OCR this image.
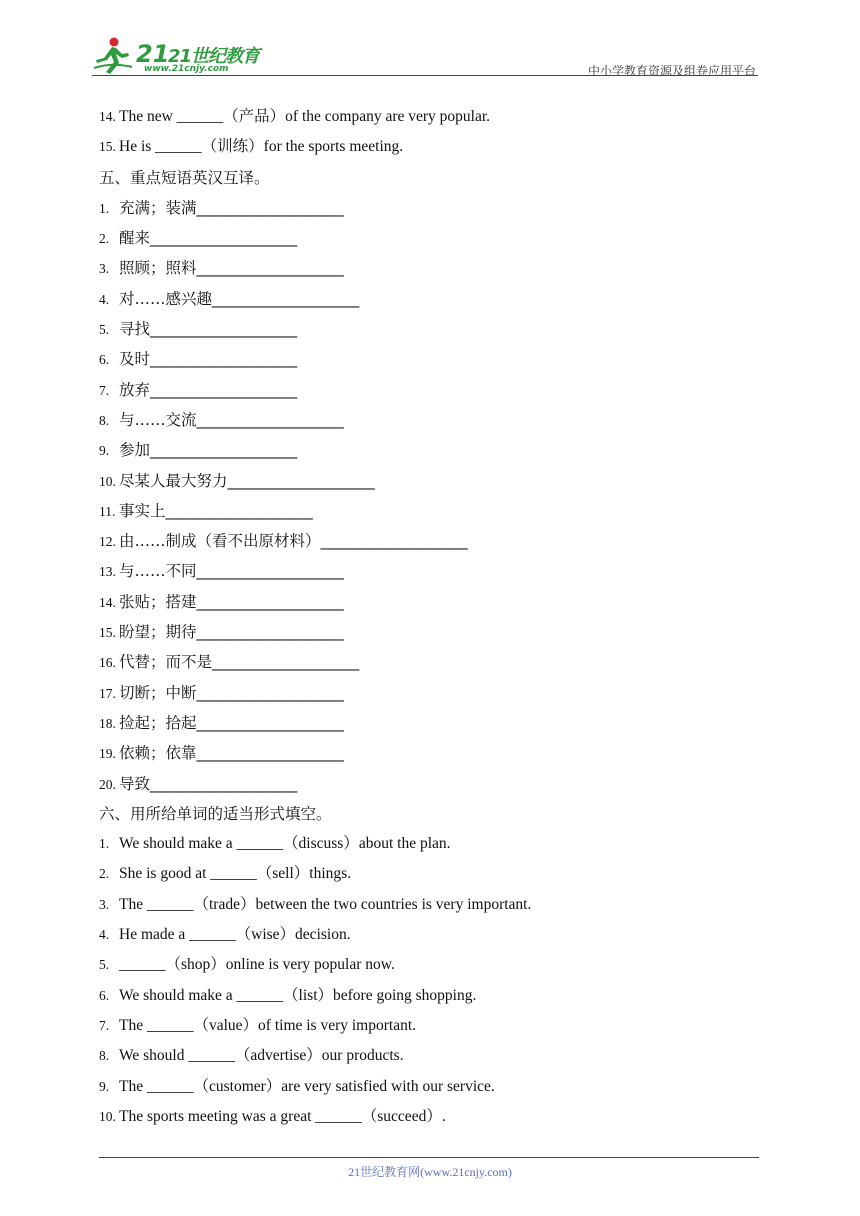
21
21世纪教育
www.21cnjy.com	中小学教育资源及组卷应用平台
14. The new ______（产品）of the company are very popular.
15. He is ______（训练）for the sports meeting.
五、重点短语英汉互译。
1. 充满；装满___________________
2. 醒来___________________
3. 照顾；照料___________________
4. 对……感兴趣___________________
5. 寻找___________________
6. 及时___________________
7. 放弃___________________
8. 与……交流___________________
9. 参加___________________
10. 尽某人最大努力___________________
11. 事实上___________________
12. 由……制成（看不出原材料）___________________
13. 与……不同___________________
14. 张贴；搭建___________________
15. 盼望；期待___________________
16. 代替；而不是___________________
17. 切断；中断___________________
18. 捡起；拾起___________________
19. 依赖；依靠___________________
20. 导致___________________
六、用所给单词的适当形式填空。
1. We should make a ______（discuss）about the plan.
2. She is good at ______（sell）things.
3. The ______（trade）between the two countries is very important.
4. He made a ______（wise）decision.
5. ______（shop）online is very popular now.
6. We should make a ______（list）before going shopping.
7. The ______（value）of time is very important.
8. We should ______（advertise）our products.
9. The ______（customer）are very satisfied with our service.
10. The sports meeting was a great ______（succeed）.
21世纪教育网(www.21cnjy.com)
